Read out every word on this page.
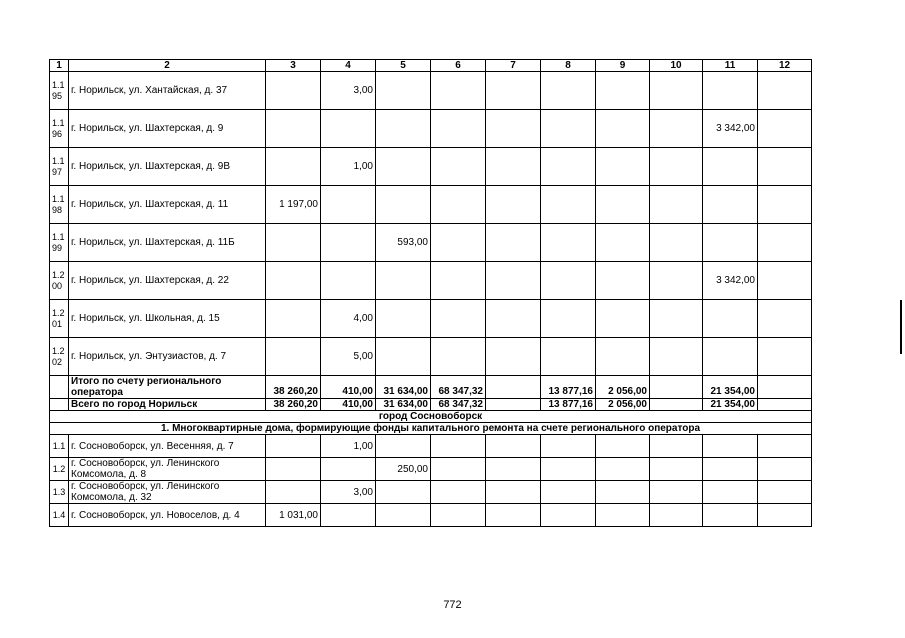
1	2	3	4	5	6	7	8	9	10	11	12
1.195	г. Норильск, ул. Хантайская, д. 37		3,00								
1.196	г. Норильск, ул. Шахтерская, д. 9									3 342,00	
1.197	г. Норильск, ул. Шахтерская, д. 9В		1,00								
1.198	г. Норильск, ул. Шахтерская, д. 11	1 197,00									
1.199	г. Норильск, ул. Шахтерская, д. 11Б			593,00							
1.200	г. Норильск, ул. Шахтерская, д. 22									3 342,00	
1.201	г. Норильск, ул. Школьная, д. 15		4,00								
1.202	г. Норильск, ул. Энтузиастов, д. 7		5,00								
	Итого по счету регионального оператора	38 260,20	410,00	31 634,00	68 347,32		13 877,16	2 056,00		21 354,00	
	Всего по город Норильск	38 260,20	410,00	31 634,00	68 347,32		13 877,16	2 056,00		21 354,00	
город Сосновоборск											
1. Многоквартирные дома, формирующие фонды капитального ремонта на счете регионального оператора											
1.1	г. Сосновоборск, ул. Весенняя, д. 7		1,00								
1.2	г. Сосновоборск, ул. Ленинского Комсомола, д. 8			250,00							
1.3	г. Сосновоборск, ул. Ленинского Комсомола, д. 32		3,00								
1.4	г. Сосновоборск, ул. Новоселов, д. 4	1 031,00									
772
